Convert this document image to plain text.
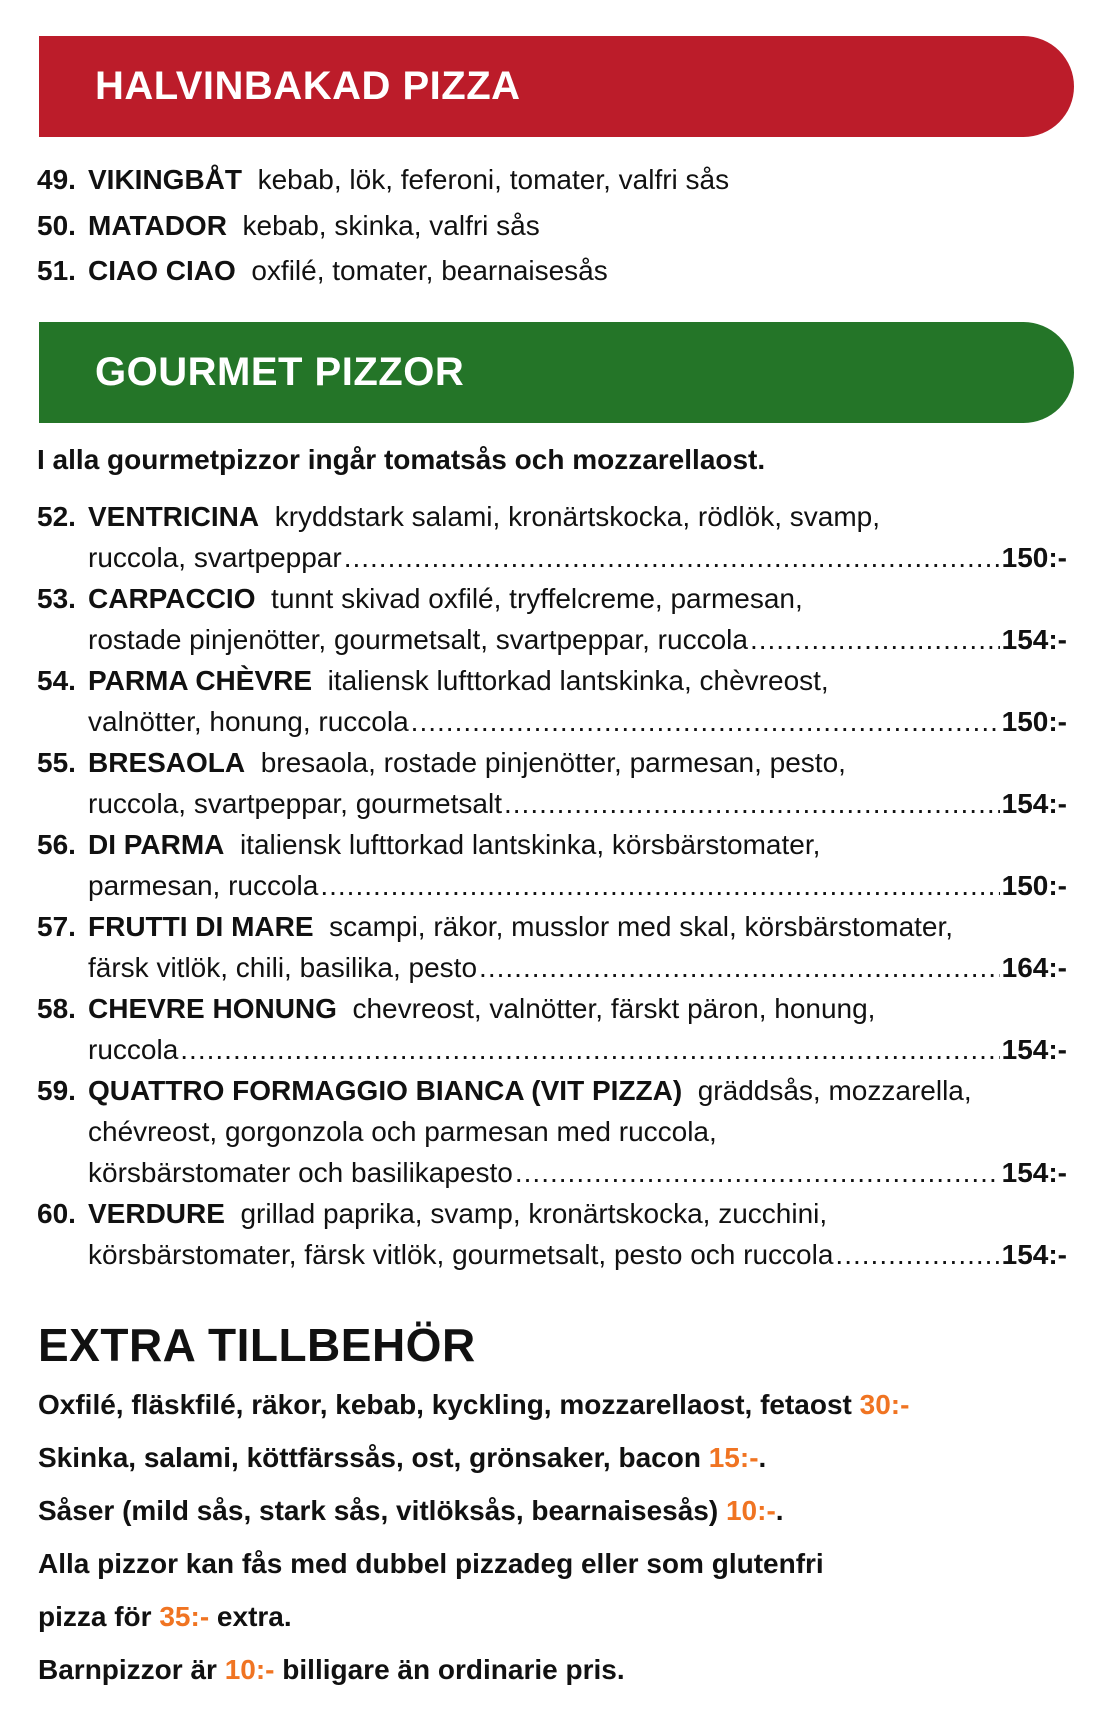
HALVINBAKAD PIZZA
49. VIKINGBÅT kebab, lök, feferoni, tomater, valfri sås
50. MATADOR kebab, skinka, valfri sås
51. CIAO CIAO oxfilé, tomater, bearnaisesås
GOURMET PIZZOR
I alla gourmetpizzor ingår tomatsås och mozzarellaost.
52. VENTRICINA kryddstark salami, kronärtskocka, rödlök, svamp,
ruccola, svartpeppar .....	150:-
53. CARPACCIO tunnt skivad oxfilé, tryffelcreme, parmesan,
rostade pinjenötter, gourmetsalt, svartpeppar, ruccola .....	154:-
54. PARMA CHÈVRE italiensk lufttorkad lantskinka, chèvreost,
valnötter, honung, ruccola .....	150:-
55. BRESAOLA bresaola, rostade pinjenötter, parmesan, pesto,
ruccola, svartpeppar, gourmetsalt .....	154:-
56. DI PARMA italiensk lufttorkad lantskinka, körsbärstomater,
parmesan, ruccola .....	150:-
57. FRUTTI DI MARE scampi, räkor, musslor med skal, körsbärstomater,
färsk vitlök, chili, basilika, pesto .....	164:-
58. CHEVRE HONUNG chevreost, valnötter, färskt päron, honung,
ruccola .....	154:-
59. QUATTRO FORMAGGIO BIANCA (VIT PIZZA) gräddsås, mozzarella,
chévreost, gorgonzola och parmesan med ruccola,
körsbärstomater och basilikapesto .....	154:-
60. VERDURE grillad paprika, svamp, kronärtskocka, zucchini,
körsbärstomater, färsk vitlök, gourmetsalt, pesto och ruccola .....	154:-
EXTRA TILLBEHÖR
Oxfilé, fläskfilé, räkor, kebab, kyckling, mozzarellaost, fetaost 30:-
Skinka, salami, köttfärssås, ost, grönsaker, bacon 15:-.
Såser (mild sås, stark sås, vitlöksås, bearnaisesås) 10:-.
Alla pizzor kan fås med dubbel pizzadeg eller som glutenfri
pizza för 35:- extra.
Barnpizzor är 10:- billigare än ordinarie pris.
